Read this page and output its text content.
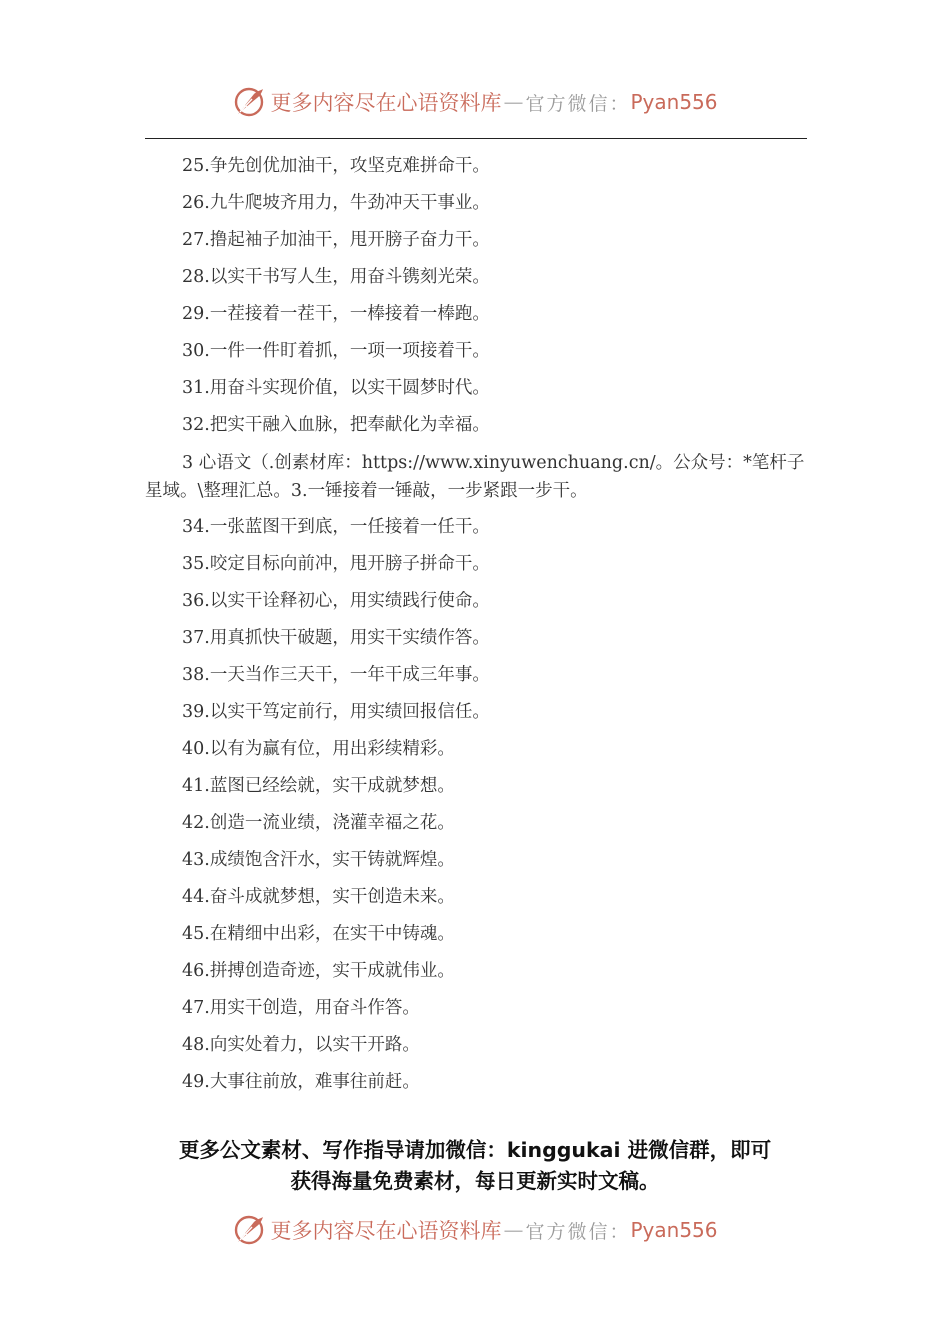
更多内容尽在心语资料库 — 官方微信： Pyan556
25.争先创优加油干，攻坚克难拼命干。
26.九牛爬坡齐用力，牛劲冲天干事业。
27.撸起袖子加油干，甩开膀子奋力干。
28.以实干书写人生，用奋斗镌刻光荣。
29.一茬接着一茬干，一棒接着一棒跑。
30.一件一件盯着抓，一项一项接着干。
31.用奋斗实现价值，以实干圆梦时代。
32.把实干融入血脉，把奉献化为幸福。
3 心语文（.创素材库：https://www.xinyuwenchuang.cn/。公众号：*笔杆子星域。\整理汇总。3.一锤接着一锤敲，一步紧跟一步干。
34.一张蓝图干到底，一任接着一任干。
35.咬定目标向前冲，甩开膀子拼命干。
36.以实干诠释初心，用实绩践行使命。
37.用真抓快干破题，用实干实绩作答。
38.一天当作三天干，一年干成三年事。
39.以实干笃定前行，用实绩回报信任。
40.以有为赢有位，用出彩续精彩。
41.蓝图已经绘就，实干成就梦想。
42.创造一流业绩，浇灌幸福之花。
43.成绩饱含汗水，实干铸就辉煌。
44.奋斗成就梦想，实干创造未来。
45.在精细中出彩，在实干中铸魂。
46.拼搏创造奇迹，实干成就伟业。
47.用实干创造，用奋斗作答。
48.向实处着力，以实干开路。
49.大事往前放，难事往前赶。
更多公文素材、写作指导请加微信：kinggukai 进微信群，即可
获得海量免费素材，每日更新实时文稿。
更多内容尽在心语资料库 — 官方微信： Pyan556
